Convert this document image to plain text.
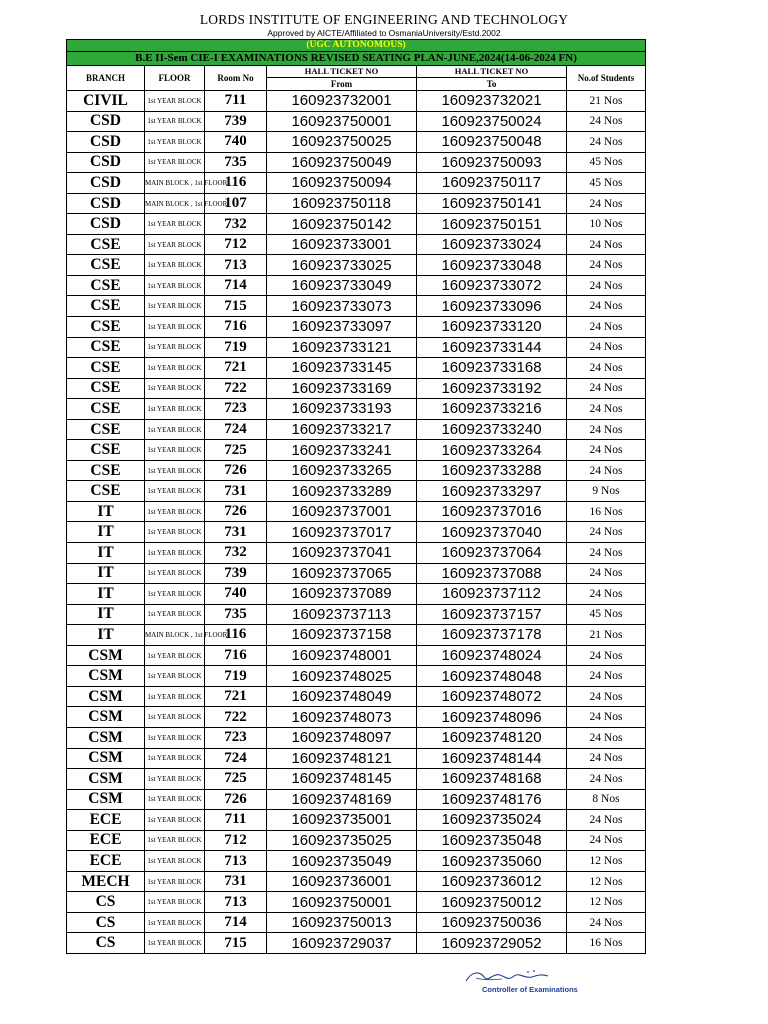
LORDS INSTITUTE OF ENGINEERING AND TECHNOLOGY
Approved by AICTE/Affiliated to OsmaniaUniversity/Estd.2002
(UGC AUTONOMOUS)					
B.E II-Sem CIE-I EXAMINATIONS REVISED SEATING PLAN-JUNE,2024(14-06-2024 FN)					
BRANCH	FLOOR	Room No	HALL TICKET NO	HALL TICKET NO	No.of Students
			From	To	
CIVIL	1st YEAR BLOCK	711	160923732001	160923732021	21 Nos
CSD	1st YEAR BLOCK	739	160923750001	160923750024	24 Nos
CSD	1st YEAR BLOCK	740	160923750025	160923750048	24 Nos
CSD	1st YEAR BLOCK	735	160923750049	160923750093	45 Nos
CSD	MAIN BLOCK , 1st FLOOR	116	160923750094	160923750117	45 Nos
CSD	MAIN BLOCK , 1st FLOOR	107	160923750118	160923750141	24 Nos
CSD	1st YEAR BLOCK	732	160923750142	160923750151	10 Nos
CSE	1st YEAR BLOCK	712	160923733001	160923733024	24 Nos
CSE	1st YEAR BLOCK	713	160923733025	160923733048	24 Nos
CSE	1st YEAR BLOCK	714	160923733049	160923733072	24 Nos
CSE	1st YEAR BLOCK	715	160923733073	160923733096	24 Nos
CSE	1st YEAR BLOCK	716	160923733097	160923733120	24 Nos
CSE	1st YEAR BLOCK	719	160923733121	160923733144	24 Nos
CSE	1st YEAR BLOCK	721	160923733145	160923733168	24 Nos
CSE	1st YEAR BLOCK	722	160923733169	160923733192	24 Nos
CSE	1st YEAR BLOCK	723	160923733193	160923733216	24 Nos
CSE	1st YEAR BLOCK	724	160923733217	160923733240	24 Nos
CSE	1st YEAR BLOCK	725	160923733241	160923733264	24 Nos
CSE	1st YEAR BLOCK	726	160923733265	160923733288	24 Nos
CSE	1st YEAR BLOCK	731	160923733289	160923733297	9 Nos
IT	1st YEAR BLOCK	726	160923737001	160923737016	16 Nos
IT	1st YEAR BLOCK	731	160923737017	160923737040	24 Nos
IT	1st YEAR BLOCK	732	160923737041	160923737064	24 Nos
IT	1st YEAR BLOCK	739	160923737065	160923737088	24 Nos
IT	1st YEAR BLOCK	740	160923737089	160923737112	24 Nos
IT	1st YEAR BLOCK	735	160923737113	160923737157	45 Nos
IT	MAIN BLOCK , 1st FLOOR	116	160923737158	160923737178	21 Nos
CSM	1st YEAR BLOCK	716	160923748001	160923748024	24 Nos
CSM	1st YEAR BLOCK	719	160923748025	160923748048	24 Nos
CSM	1st YEAR BLOCK	721	160923748049	160923748072	24 Nos
CSM	1st YEAR BLOCK	722	160923748073	160923748096	24 Nos
CSM	1st YEAR BLOCK	723	160923748097	160923748120	24 Nos
CSM	1st YEAR BLOCK	724	160923748121	160923748144	24 Nos
CSM	1st YEAR BLOCK	725	160923748145	160923748168	24 Nos
CSM	1st YEAR BLOCK	726	160923748169	160923748176	8 Nos
ECE	1st YEAR BLOCK	711	160923735001	160923735024	24 Nos
ECE	1st YEAR BLOCK	712	160923735025	160923735048	24 Nos
ECE	1st YEAR BLOCK	713	160923735049	160923735060	12 Nos
MECH	1st YEAR BLOCK	731	160923736001	160923736012	12 Nos
CS	1st YEAR BLOCK	713	160923750001	160923750012	12 Nos
CS	1st YEAR BLOCK	714	160923750013	160923750036	24 Nos
CS	1st YEAR BLOCK	715	160923729037	160923729052	16 Nos
Controller of Examinations
